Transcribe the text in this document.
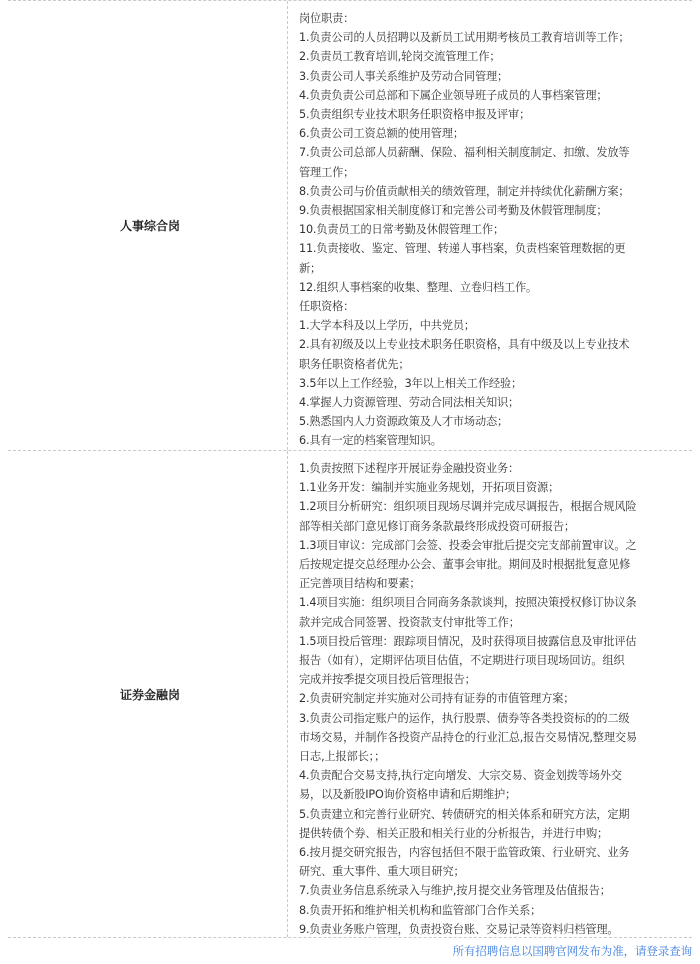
人事综合岗
岗位职责：
1.负责公司的人员招聘以及新员工试用期考核员工教育培训等工作；
2.负责员工教育培训,轮岗交流管理工作；
3.负责公司人事关系维护及劳动合同管理；
4.负责负责公司总部和下属企业领导班子成员的人事档案管理；
5.负责组织专业技术职务任职资格申报及评审；
6.负责公司工资总额的使用管理；
7.负责公司总部人员薪酬、保险、福利相关制度制定、扣缴、发放等
管理工作；
8.负责公司与价值贡献相关的绩效管理，制定并持续优化薪酬方案；
9.负责根据国家相关制度修订和完善公司考勤及休假管理制度；
10.负责员工的日常考勤及休假管理工作；
11.负责接收、鉴定、管理、转递人事档案，负责档案管理数据的更
新；
12.组织人事档案的收集、整理、立卷归档工作。
任职资格：
1.大学本科及以上学历，中共党员；
2.具有初级及以上专业技术职务任职资格，具有中级及以上专业技术
职务任职资格者优先；
3.5年以上工作经验，3年以上相关工作经验；
4.掌握人力资源管理、劳动合同法相关知识；
5.熟悉国内人力资源政策及人才市场动态；
6.具有一定的档案管理知识。
证券金融岗
1.负责按照下述程序开展证券金融投资业务：
1.1业务开发：编制并实施业务规划，开拓项目资源；
1.2项目分析研究：组织项目现场尽调并完成尽调报告，根据合规风险
部等相关部门意见修订商务条款最终形成投资可研报告；
1.3项目审议：完成部门会签、投委会审批后提交完支部前置审议。之
后按规定提交总经理办公会、董事会审批。期间及时根据批复意见修
正完善项目结构和要素；
1.4项目实施：组织项目合同商务条款谈判，按照决策授权修订协议条
款并完成合同签署、投资款支付审批等工作；
1.5项目投后管理：跟踪项目情况，及时获得项目披露信息及审批评估
报告（如有），定期评估项目估值，不定期进行项目现场回访。组织
完成并按季提交项目投后管理报告；
2.负责研究制定并实施对公司持有证券的市值管理方案；
3.负责公司指定账户的运作，执行股票、债券等各类投资标的的二级
市场交易，并制作各投资产品持仓的行业汇总,报告交易情况,整理交易
日志,上报部长；；
4.负责配合交易支持,执行定向增发、大宗交易、资金划拨等场外交
易，以及新股IPO询价资格申请和后期维护；
5.负责建立和完善行业研究、转债研究的相关体系和研究方法，定期
提供转债个券、相关正股和相关行业的分析报告，并进行申购；
6.按月提交研究报告，内容包括但不限于监管政策、行业研究、业务
研究、重大事件、重大项目研究；
7.负责业务信息系统录入与维护,按月提交业务管理及估值报告；
8.负责开拓和维护相关机构和监管部门合作关系；
9.负责业务账户管理，负责投资台账、交易记录等资料归档管理。
所有招聘信息以国聘官网发布为准，请登录查询
